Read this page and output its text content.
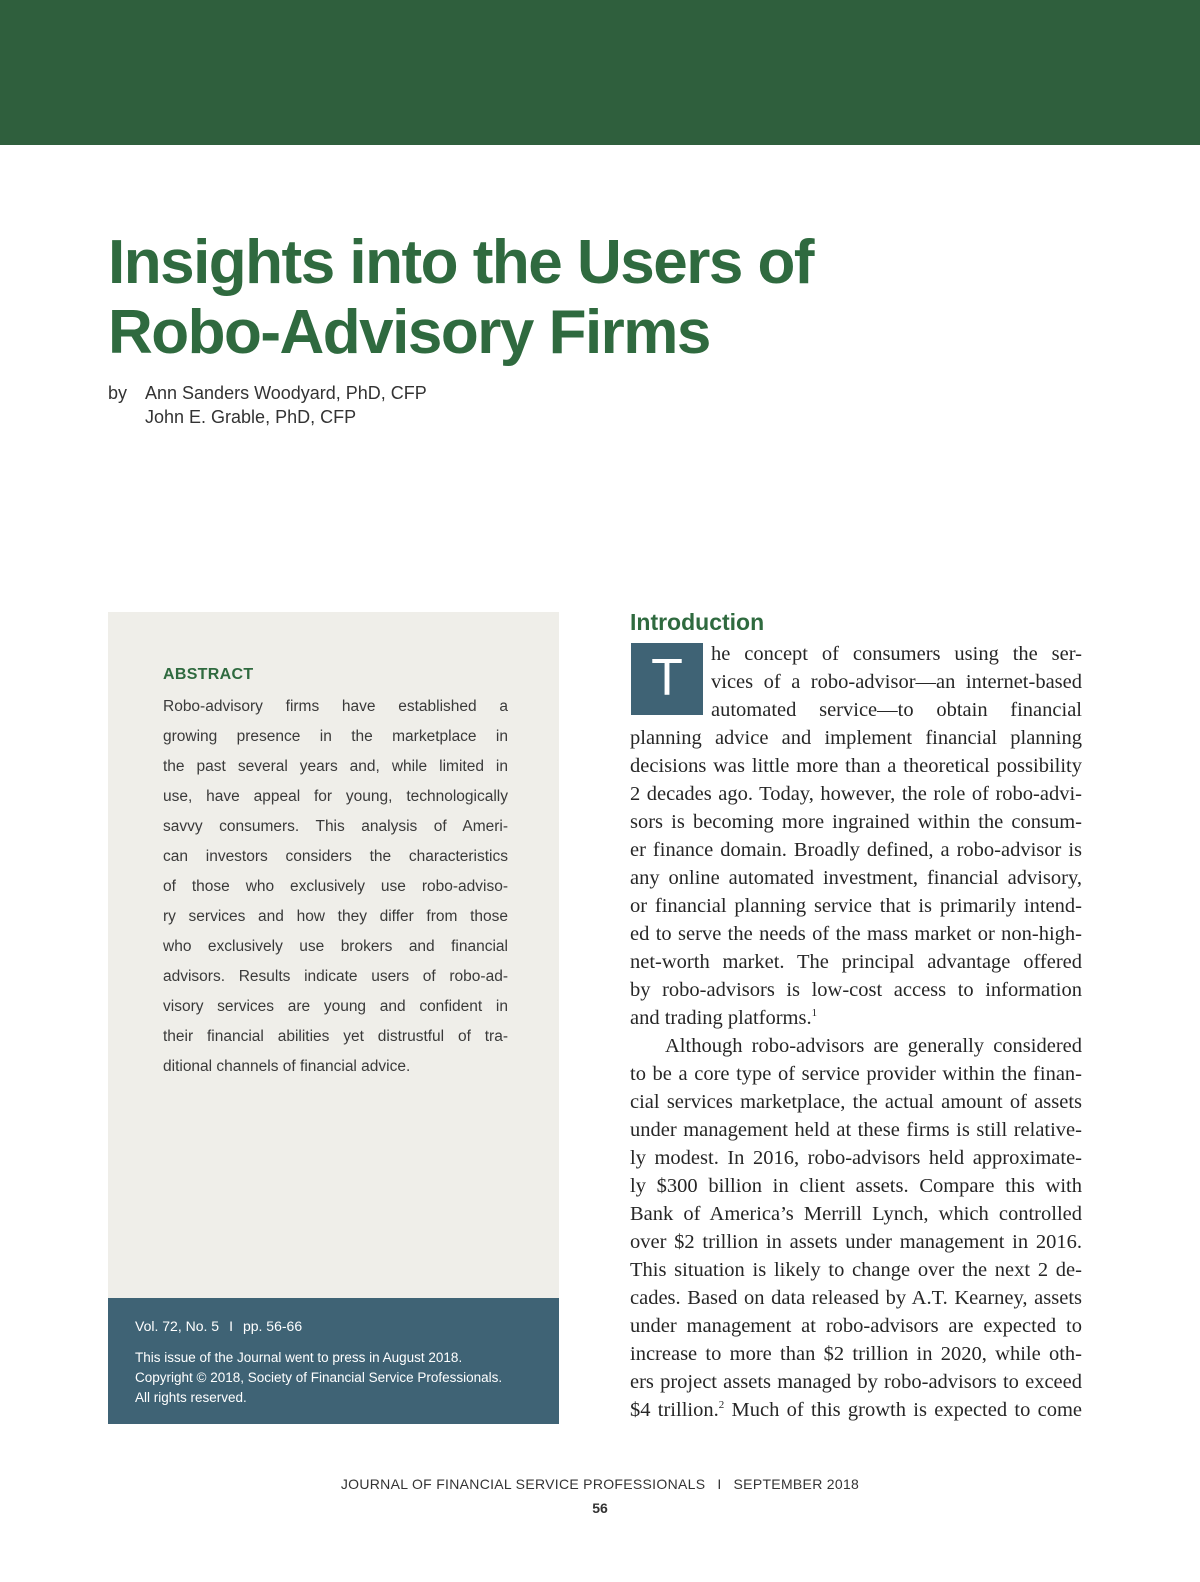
Insights into the Users of
Robo-Advisory Firms
by Ann Sanders Woodyard, PhD, CFP
John E. Grable, PhD, CFP
ABSTRACT
Robo-advisory firms have established a
growing presence in the marketplace in
the past several years and, while limited in
use, have appeal for young, technologically
savvy consumers. This analysis of Ameri-
can investors considers the characteristics
of those who exclusively use robo-adviso-
ry services and how they differ from those
who exclusively use brokers and financial
advisors. Results indicate users of robo-ad-
visory services are young and confident in
their financial abilities yet distrustful of tra-
ditional channels of financial advice.
Vol. 72, No. 5 I pp. 56-66
This issue of the Journal went to press in August 2018.
Copyright © 2018, Society of Financial Service Professionals.
All rights reserved.
Introduction
T	he concept of consumers using the ser-
vices of a robo-advisor—an internet-based
automated service—to obtain financial
planning advice and implement financial planning
decisions was little more than a theoretical possibility
2 decades ago. Today, however, the role of robo-advi-
sors is becoming more ingrained within the consum-
er finance domain. Broadly defined, a robo-advisor is
any online automated investment, financial advisory,
or financial planning service that is primarily intend-
ed to serve the needs of the mass market or non-high-
net-worth market. The principal advantage offered
by robo-advisors is low-cost access to information
and trading platforms.$^1$
Although robo-advisors are generally considered
to be a core type of service provider within the finan-
cial services marketplace, the actual amount of assets
under management held at these firms is still relative-
ly modest. In 2016, robo-advisors held approximate-
ly $300 billion in client assets. Compare this with
Bank of America’s Merrill Lynch, which controlled
over $2 trillion in assets under management in 2016.
This situation is likely to change over the next 2 de-
cades. Based on data released by A.T. Kearney, assets
under management at robo-advisors are expected to
increase to more than $2 trillion in 2020, while oth-
ers project assets managed by robo-advisors to exceed
$4 trillion.$^2$ Much of this growth is expected to come
JOURNAL OF FINANCIAL SERVICE PROFESSIONALS I SEPTEMBER 2018
56
